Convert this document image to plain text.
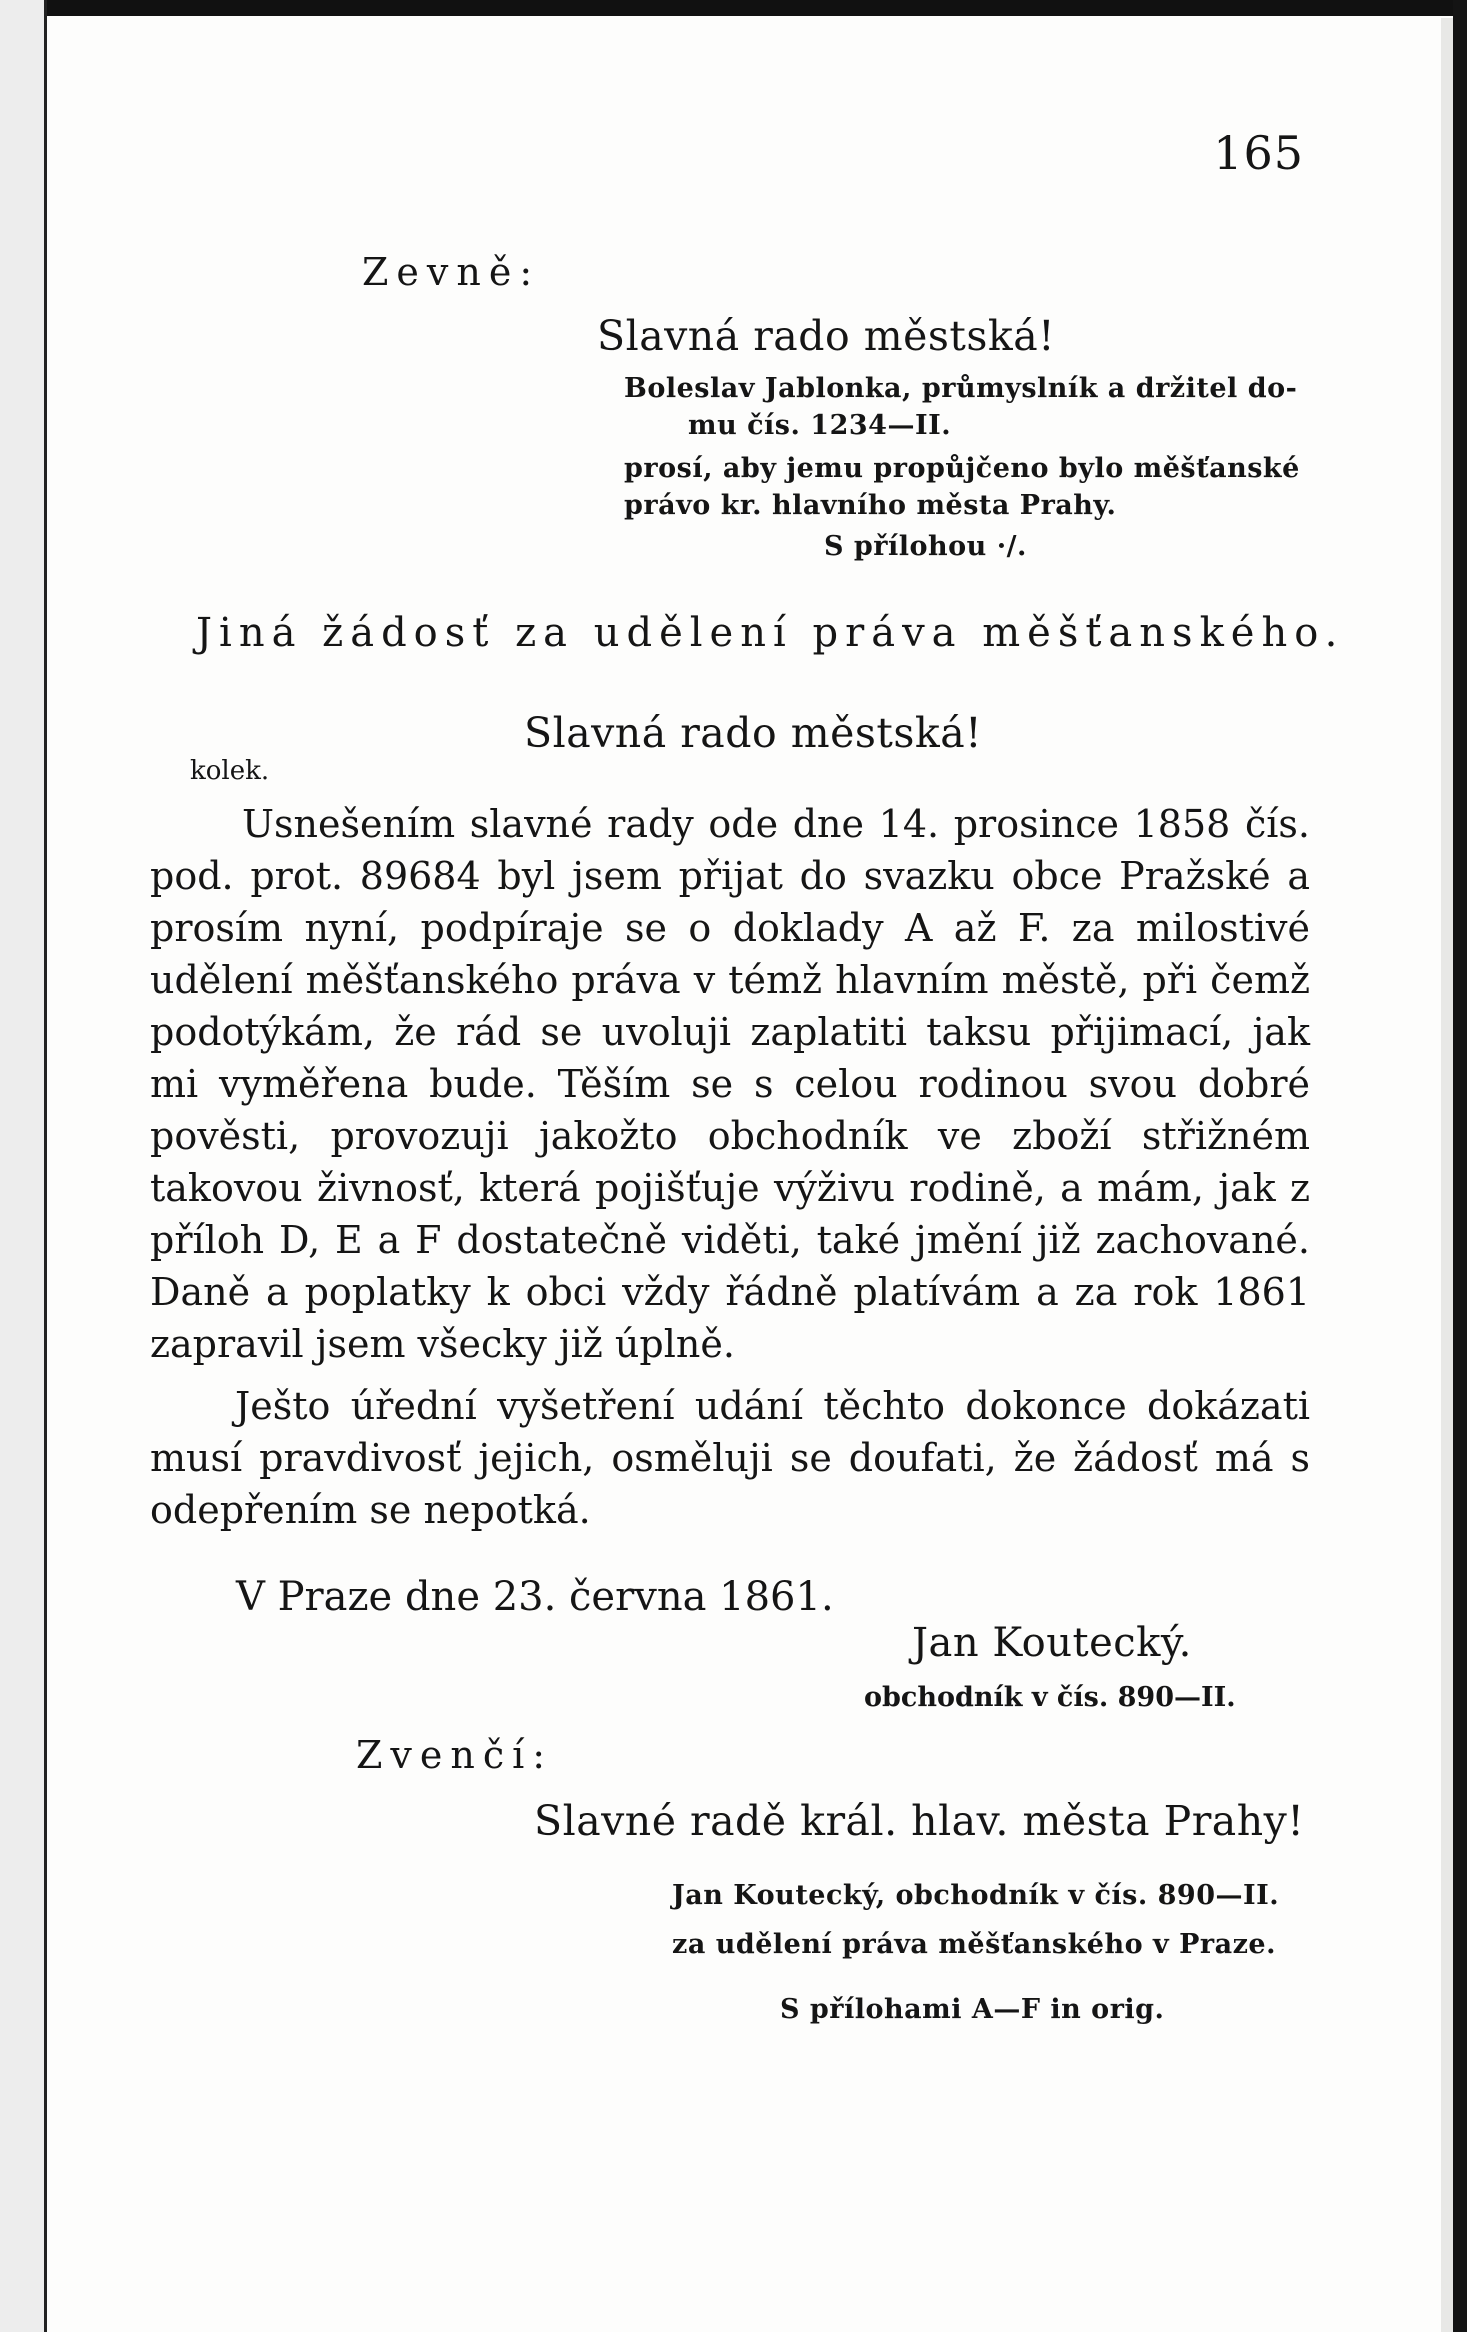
165
Zevně:
Slavná rado městská!
Boleslav Jablonka, průmyslník a držitel do-
mu čís. 1234—II.
prosí, aby jemu propůjčeno bylo měšťanské
právo kr. hlavního města Prahy.
S přílohou ·/.
Jiná žádosť za udělení práva měšťanského.
Slavná rado městská!
kolek.

Usnešením slavné rady ode dne 14. prosince 1858 čís. pod. prot. 89684 byl jsem přijat do svazku obce Pražské a prosím nyní, podpíraje se o doklady A až F. za milostivé udělení měšťanského práva v témž hlavním městě, při čemž podotýkám, že rád se uvoluji zaplatiti taksu přijimací, jak mi vyměřena bude. Těším se s celou rodinou svou dobré pověsti, provozuji jakožto obchodník ve zboží střižném takovou živnosť, která pojišťuje výživu rodině, a mám, jak z příloh D, E a F dostatečně viděti, také jmění již zachované. Daně a poplatky k obci vždy řádně platívám a za rok 1861 zapravil jsem všecky již úplně.

Ješto úřední vyšetření udání těchto dokonce dokázati musí pravdivosť jejich, osměluji se doufati, že žádosť má s odepřením se nepotká.

V Praze dne 23. června 1861.
Jan Koutecký.
obchodník v čís. 890—II.
Zvenčí:
Slavné radě král. hlav. města Prahy!
Jan Koutecký, obchodník v čís. 890—II.
za udělení práva měšťanského v Praze.
S přílohami A—F in orig.
